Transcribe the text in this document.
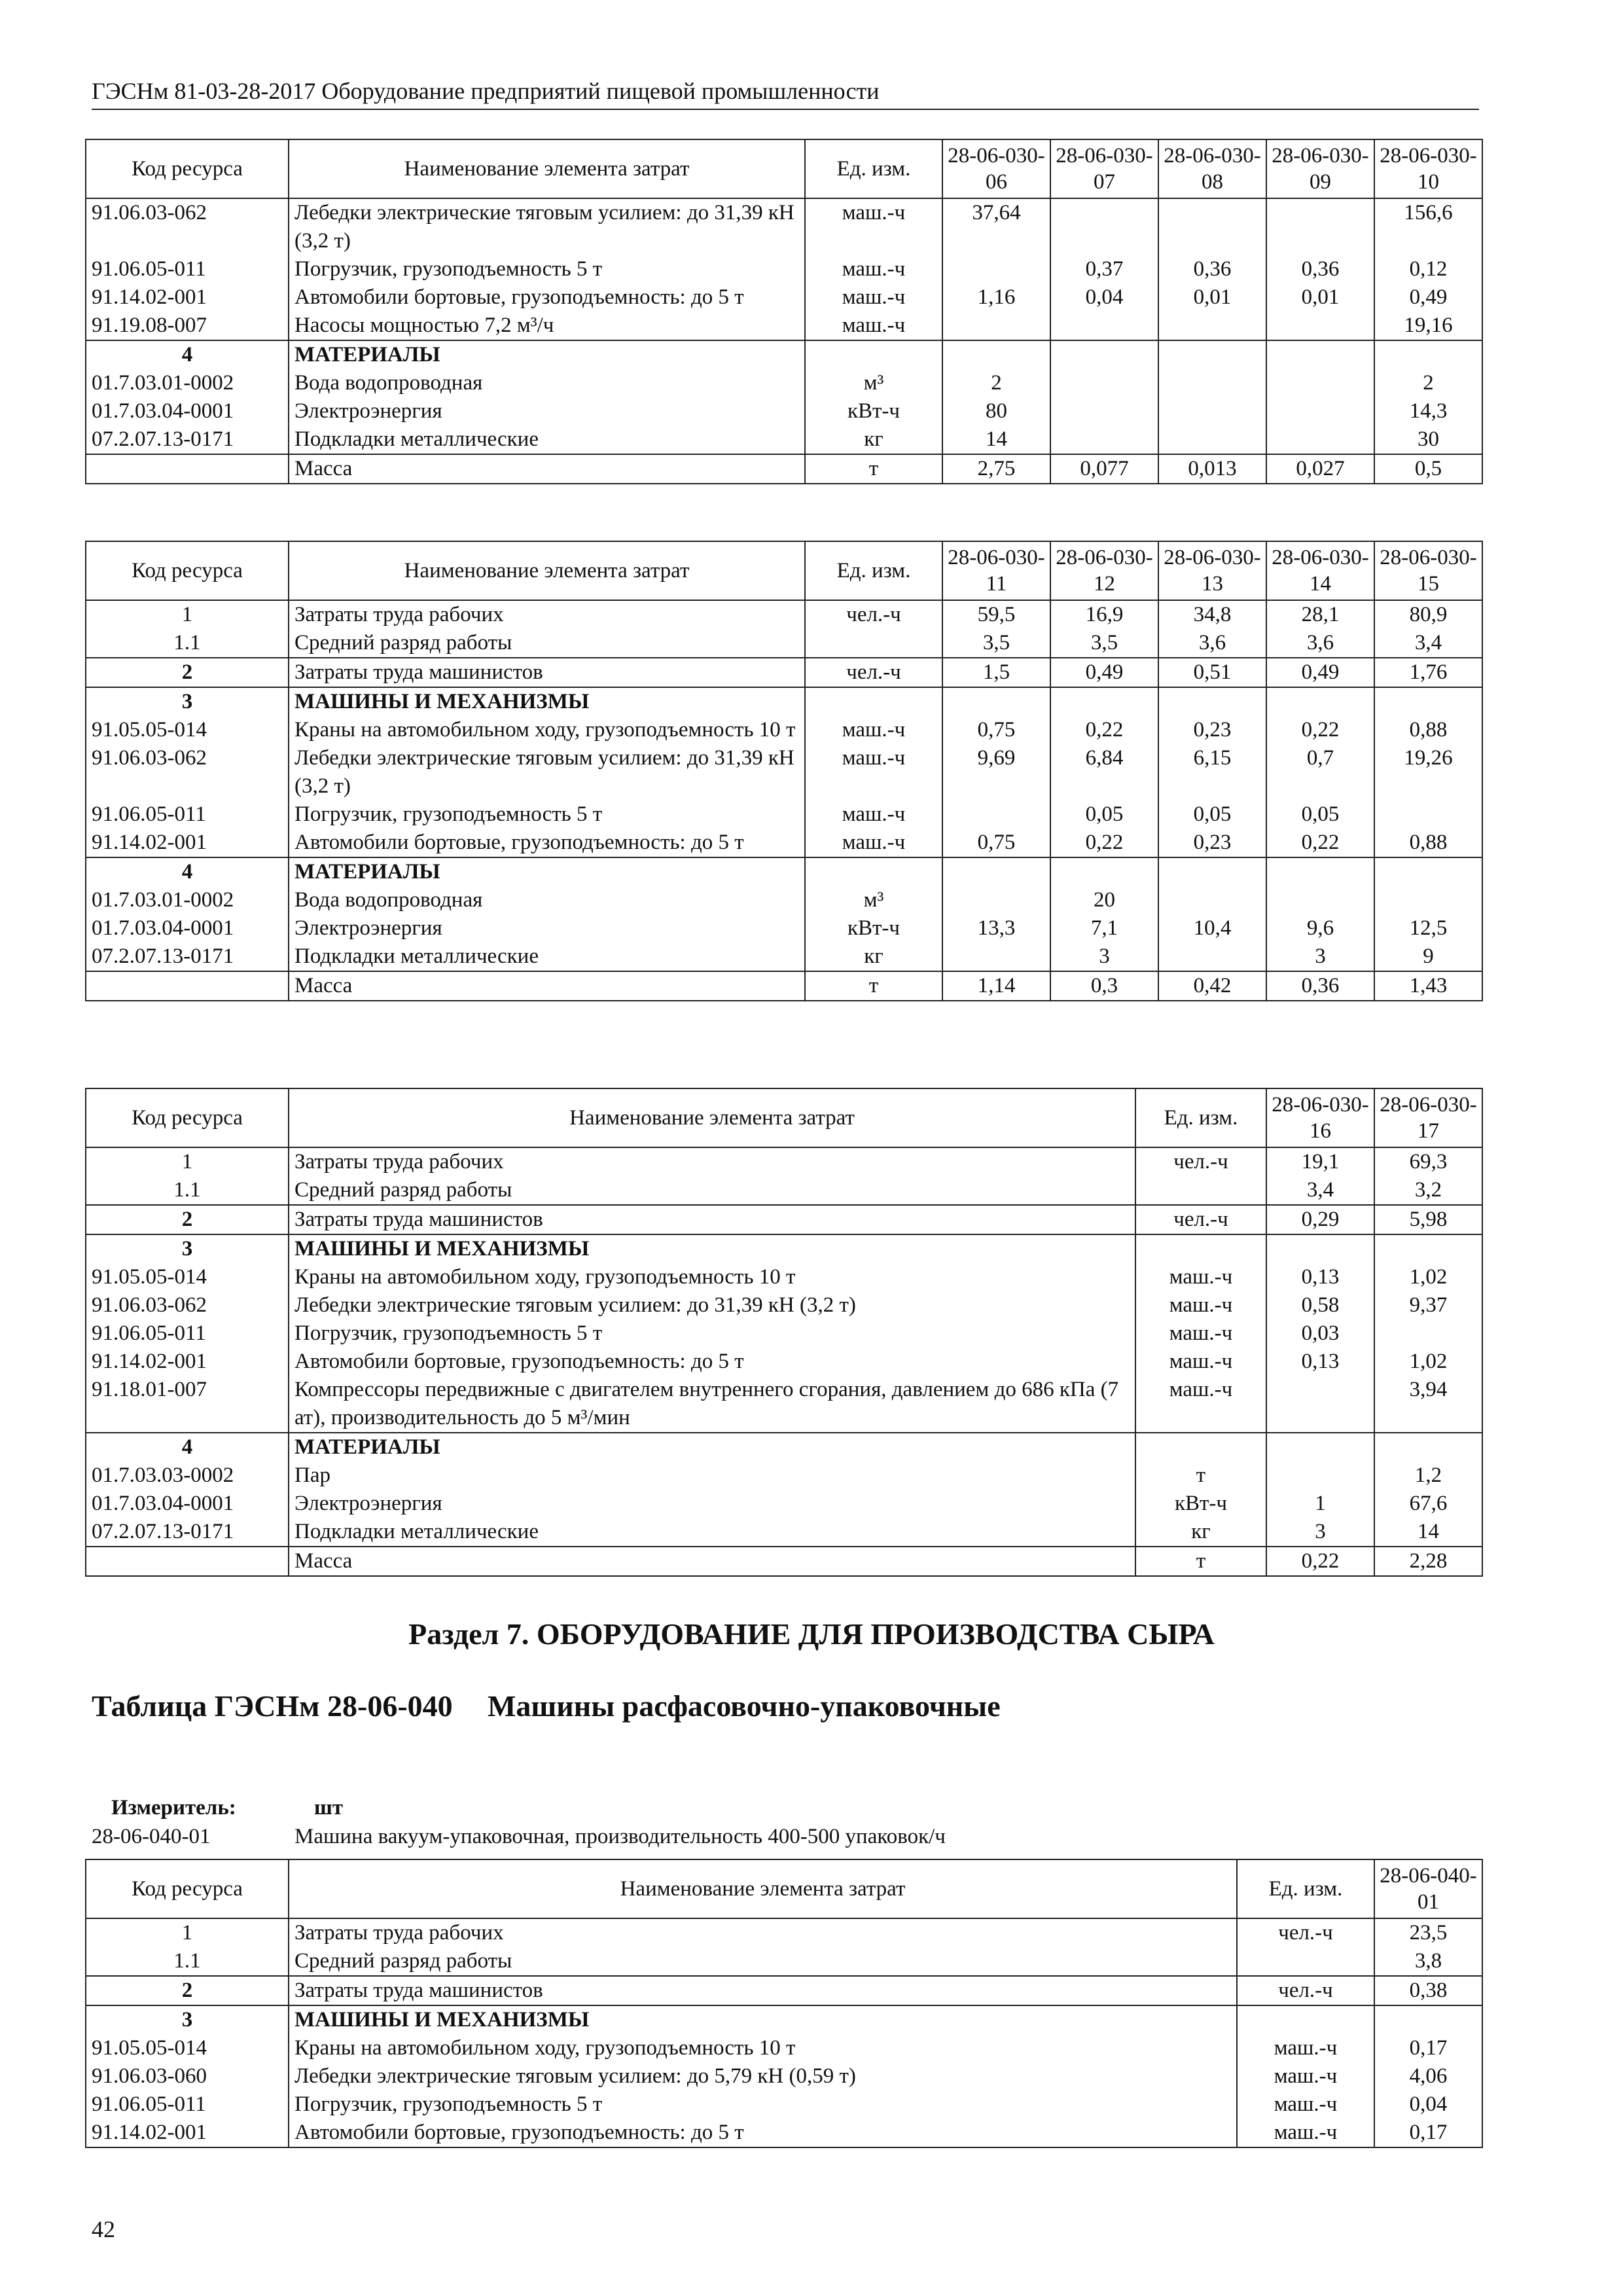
ГЭСНм 81-03-28-2017 Оборудование предприятий пищевой промышленности
Код ресурса	Наименование элемента затрат	Ед. изм.	28-06-030-06	28-06-030-07	28-06-030-08	28-06-030-09	28-06-030-10
91.06.03-062	Лебедки электрические тяговым усилием: до 31,39 кН (3,2 т)	маш.-ч	37,64				156,6
91.06.05-011	Погрузчик, грузоподъемность 5 т	маш.-ч		0,37	0,36	0,36	0,12
91.14.02-001	Автомобили бортовые, грузоподъемность: до 5 т	маш.-ч	1,16	0,04	0,01	0,01	0,49
91.19.08-007	Насосы мощностью 7,2 м³/ч	маш.-ч					19,16
4	МАТЕРИАЛЫ						
01.7.03.01-0002	Вода водопроводная	м³	2				2
01.7.03.04-0001	Электроэнергия	кВт-ч	80				14,3
07.2.07.13-0171	Подкладки металлические	кг	14				30
	Масса	т	2,75	0,077	0,013	0,027	0,5
Код ресурса	Наименование элемента затрат	Ед. изм.	28-06-030-11	28-06-030-12	28-06-030-13	28-06-030-14	28-06-030-15
1	Затраты труда рабочих	чел.-ч	59,5	16,9	34,8	28,1	80,9
1.1	Средний разряд работы		3,5	3,5	3,6	3,6	3,4
2	Затраты труда машинистов	чел.-ч	1,5	0,49	0,51	0,49	1,76
3	МАШИНЫ И МЕХАНИЗМЫ						
91.05.05-014	Краны на автомобильном ходу, грузоподъемность 10 т	маш.-ч	0,75	0,22	0,23	0,22	0,88
91.06.03-062	Лебедки электрические тяговым усилием: до 31,39 кН (3,2 т)	маш.-ч	9,69	6,84	6,15	0,7	19,26
91.06.05-011	Погрузчик, грузоподъемность 5 т	маш.-ч		0,05	0,05	0,05	
91.14.02-001	Автомобили бортовые, грузоподъемность: до 5 т	маш.-ч	0,75	0,22	0,23	0,22	0,88
4	МАТЕРИАЛЫ						
01.7.03.01-0002	Вода водопроводная	м³		20			
01.7.03.04-0001	Электроэнергия	кВт-ч	13,3	7,1	10,4	9,6	12,5
07.2.07.13-0171	Подкладки металлические	кг		3		3	9
	Масса	т	1,14	0,3	0,42	0,36	1,43
Код ресурса	Наименование элемента затрат	Ед. изм.	28-06-030-16	28-06-030-17
1	Затраты труда рабочих	чел.-ч	19,1	69,3
1.1	Средний разряд работы		3,4	3,2
2	Затраты труда машинистов	чел.-ч	0,29	5,98
3	МАШИНЫ И МЕХАНИЗМЫ			
91.05.05-014	Краны на автомобильном ходу, грузоподъемность 10 т	маш.-ч	0,13	1,02
91.06.03-062	Лебедки электрические тяговым усилием: до 31,39 кН (3,2 т)	маш.-ч	0,58	9,37
91.06.05-011	Погрузчик, грузоподъемность 5 т	маш.-ч	0,03	
91.14.02-001	Автомобили бортовые, грузоподъемность: до 5 т	маш.-ч	0,13	1,02
91.18.01-007	Компрессоры передвижные с двигателем внутреннего сгорания, давлением до 686 кПа (7 ат), производительность до 5 м³/мин	маш.-ч		3,94
4	МАТЕРИАЛЫ			
01.7.03.03-0002	Пар	т		1,2
01.7.03.04-0001	Электроэнергия	кВт-ч	1	67,6
07.2.07.13-0171	Подкладки металлические	кг	3	14
	Масса	т	0,22	2,28
Раздел 7. ОБОРУДОВАНИЕ ДЛЯ ПРОИЗВОДСТВА СЫРА
Таблица ГЭСНм 28-06-040 Машины расфасовочно-упаковочные
Измеритель:	шт
28-06-040-01	Машина вакуум-упаковочная, производительность 400-500 упаковок/ч
Код ресурса	Наименование элемента затрат	Ед. изм.	28-06-040-01
1	Затраты труда рабочих	чел.-ч	23,5
1.1	Средний разряд работы		3,8
2	Затраты труда машинистов	чел.-ч	0,38
3	МАШИНЫ И МЕХАНИЗМЫ		
91.05.05-014	Краны на автомобильном ходу, грузоподъемность 10 т	маш.-ч	0,17
91.06.03-060	Лебедки электрические тяговым усилием: до 5,79 кН (0,59 т)	маш.-ч	4,06
91.06.05-011	Погрузчик, грузоподъемность 5 т	маш.-ч	0,04
91.14.02-001	Автомобили бортовые, грузоподъемность: до 5 т	маш.-ч	0,17
42
